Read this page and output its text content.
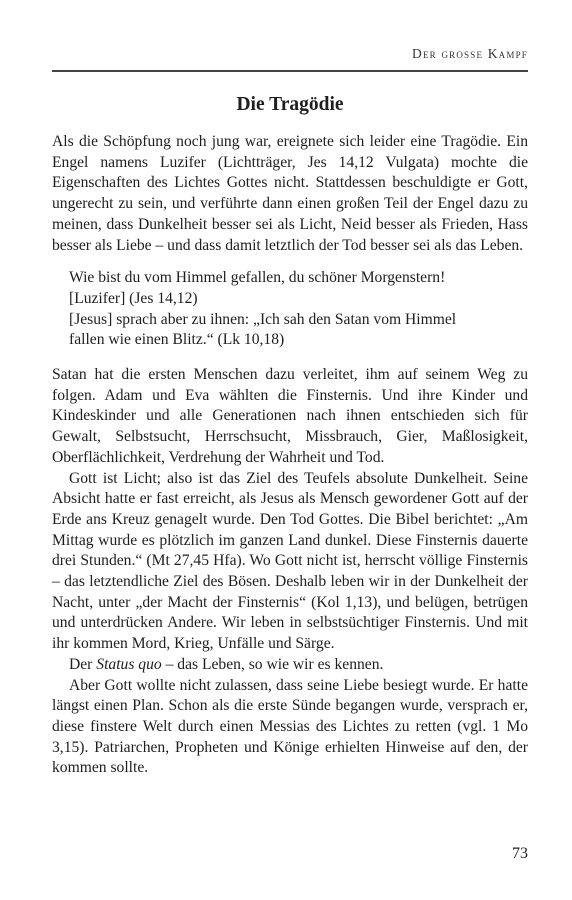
Der grosse Kampf
Die Tragödie

Als die Schöpfung noch jung war, ereignete sich leider eine Tragödie. Ein Engel namens Luzifer (Lichtträger, Jes 14,12 Vulgata) mochte die Eigenschaften des Lichtes Gottes nicht. Stattdessen beschuldigte er Gott, ungerecht zu sein, und verführte dann einen großen Teil der Engel dazu zu meinen, dass Dunkelheit besser sei als Licht, Neid besser als Frieden, Hass besser als Liebe – und dass damit letztlich der Tod besser sei als das Leben.

Wie bist du vom Himmel gefallen, du schöner Morgenstern!
[Luzifer] (Jes 14,12)
[Jesus] sprach aber zu ihnen: „Ich sah den Satan vom Himmel
fallen wie einen Blitz.“ (Lk 10,18)

Satan hat die ersten Menschen dazu verleitet, ihm auf seinem Weg zu folgen. Adam und Eva wählten die Finsternis. Und ihre Kinder und Kindeskinder und alle Generationen nach ihnen entschieden sich für Gewalt, Selbstsucht, Herrschsucht, Missbrauch, Gier, Maßlosigkeit, Oberflächlichkeit, Verdrehung der Wahrheit und Tod.

Gott ist Licht; also ist das Ziel des Teufels absolute Dunkelheit. Seine Absicht hatte er fast erreicht, als Jesus als Mensch gewordener Gott auf der Erde ans Kreuz genagelt wurde. Den Tod Gottes. Die Bibel berichtet: „Am Mittag wurde es plötzlich im ganzen Land dunkel. Diese Finsternis dauerte drei Stunden.“ (Mt 27,45 Hfa). Wo Gott nicht ist, herrscht völlige Finsternis – das letztendliche Ziel des Bösen. Deshalb leben wir in der Dunkelheit der Nacht, unter „der Macht der Finsternis“ (Kol 1,13), und belügen, betrügen und unterdrücken Andere. Wir leben in selbstsüchtiger Finsternis. Und mit ihr kommen Mord, Krieg, Unfälle und Särge.

Der Status quo – das Leben, so wie wir es kennen.

Aber Gott wollte nicht zulassen, dass seine Liebe besiegt wurde. Er hatte längst einen Plan. Schon als die erste Sünde begangen wurde, versprach er, diese finstere Welt durch einen Messias des Lichtes zu retten (vgl. 1 Mo 3,15). Patriarchen, Propheten und Könige erhielten Hinweise auf den, der kommen sollte.

73
